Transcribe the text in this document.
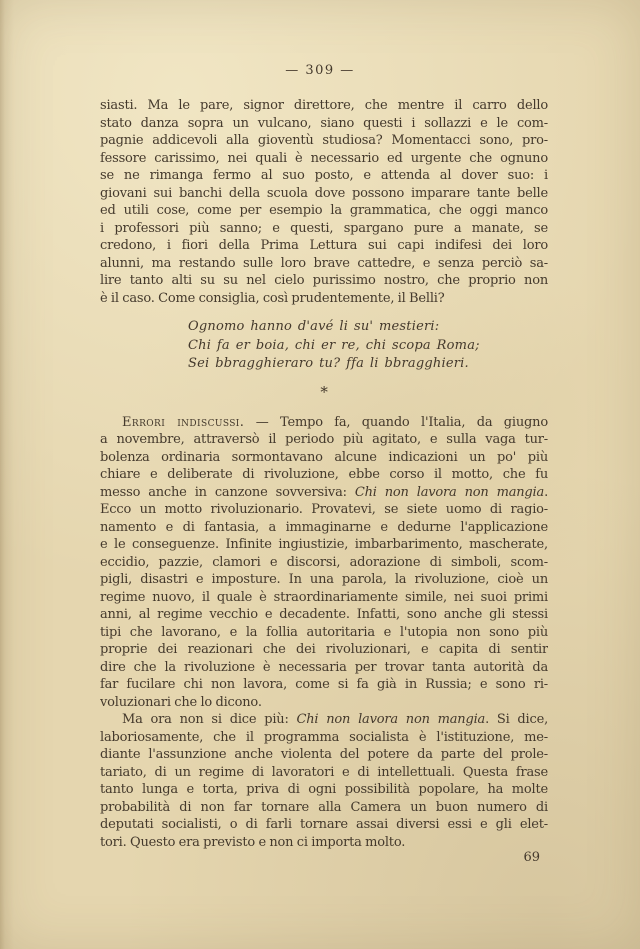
— 309 —
siasti. Ma le pare, signor direttore, che mentre il carro dello
stato danza sopra un vulcano, siano questi i sollazzi e le com-
pagnie addicevoli alla gioventù studiosa? Momentacci sono, pro-
fessore carissimo, nei quali è necessario ed urgente che ognuno
se ne rimanga fermo al suo posto, e attenda al dover suo: i
giovani sui banchi della scuola dove possono imparare tante belle
ed utili cose, come per esempio la grammatica, che oggi manco
i professori più sanno; e questi, spargano pure a manate, se
credono, i fiori della Prima Lettura sui capi indifesi dei loro
alunni, ma restando sulle loro brave cattedre, e senza perciò sa-
lire tanto alti su su nel cielo purissimo nostro, che proprio non
è il caso. Come consiglia, così prudentemente, il Belli?
Ognomo hanno d'avé li su' mestieri:
Chi fa er boia, chi er re, chi scopa Roma;
Sei bbragghieraro tu? ffa li bbragghieri.
*
Errori indiscussi. — Tempo fa, quando l'Italia, da giugno
a novembre, attraversò il periodo più agitato, e sulla vaga tur-
bolenza ordinaria sormontavano alcune indicazioni un po' più
chiare e deliberate di rivoluzione, ebbe corso il motto, che fu
messo anche in canzone sovversiva: Chi non lavora non mangia.
Ecco un motto rivoluzionario. Provatevi, se siete uomo di ragio-
namento e di fantasia, a immaginarne e dedurne l'applicazione
e le conseguenze. Infinite ingiustizie, imbarbarimento, mascherate,
eccidio, pazzie, clamori e discorsi, adorazione di simboli, scom-
pigli, disastri e imposture. In una parola, la rivoluzione, cioè un
regime nuovo, il quale è straordinariamente simile, nei suoi primi
anni, al regime vecchio e decadente. Infatti, sono anche gli stessi
tipi che lavorano, e la follia autoritaria e l'utopia non sono più
proprie dei reazionari che dei rivoluzionari, e capita di sentir
dire che la rivoluzione è necessaria per trovar tanta autorità da
far fucilare chi non lavora, come si fa già in Russia; e sono ri-
voluzionari che lo dicono.
Ma ora non si dice più: Chi non lavora non mangia. Si dice,
laboriosamente, che il programma socialista è l'istituzione, me-
diante l'assunzione anche violenta del potere da parte del prole-
tariato, di un regime di lavoratori e di intellettuali. Questa frase
tanto lunga e torta, priva di ogni possibilità popolare, ha molte
probabilità di non far tornare alla Camera un buon numero di
deputati socialisti, o di farli tornare assai diversi essi e gli elet-
tori. Questo era previsto e non ci importa molto.
69
